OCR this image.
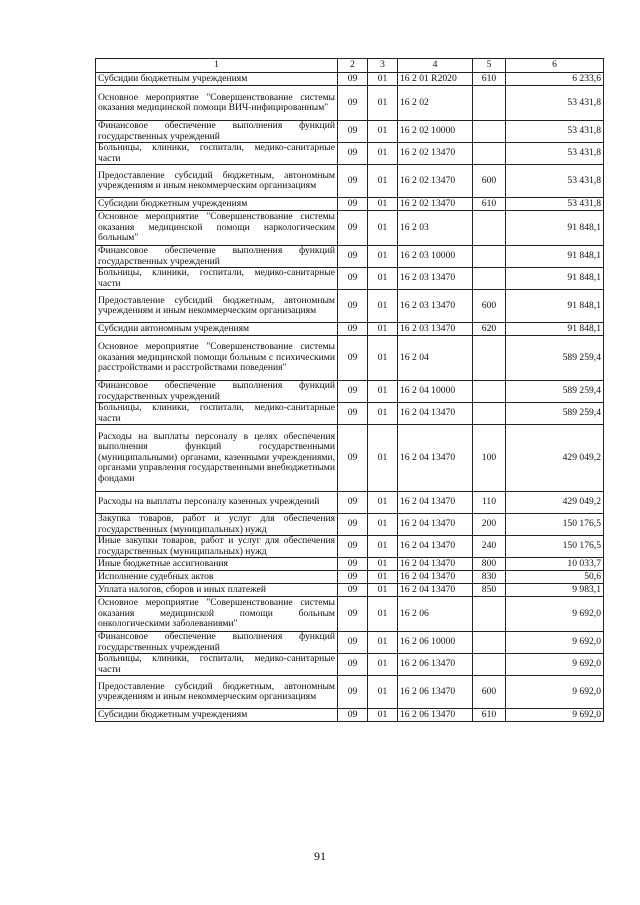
1	2	3	4	5	6
Субсидии бюджетным учреждениям	09	01	16 2 01 R2020	610	6 233,6
Основное мероприятие "Совершенствование системы оказания медицинской помощи ВИЧ-инфицированным"	09	01	16 2 02		53 431,8
Финансовое обеспечение выполнения функций государственных учреждений	09	01	16 2 02 10000		53 431,8
Больницы, клиники, госпитали, медико-санитарные части	09	01	16 2 02 13470		53 431,8
Предоставление субсидий бюджетным, автономным учреждениям и иным некоммерческим организациям	09	01	16 2 02 13470	600	53 431,8
Субсидии бюджетным учреждениям	09	01	16 2 02 13470	610	53 431,8
Основное мероприятие "Совершенствование системы оказания медицинской помощи наркологическим больным"	09	01	16 2 03		91 848,1
Финансовое обеспечение выполнения функций государственных учреждений	09	01	16 2 03 10000		91 848,1
Больницы, клиники, госпитали, медико-санитарные части	09	01	16 2 03 13470		91 848,1
Предоставление субсидий бюджетным, автономным учреждениям и иным некоммерческим организациям	09	01	16 2 03 13470	600	91 848,1
Субсидии автономным учреждениям	09	01	16 2 03 13470	620	91 848,1
Основное мероприятие "Совершенствование системы оказания медицинской помощи больным с психическими расстройствами и расстройствами поведения"	09	01	16 2 04		589 259,4
Финансовое обеспечение выполнения функций государственных учреждений	09	01	16 2 04 10000		589 259,4
Больницы, клиники, госпитали, медико-санитарные части	09	01	16 2 04 13470		589 259,4
Расходы на выплаты персоналу в целях обеспечения выполнения функций государственными (муниципальными) органами, казенными учреждениями, органами управления государственными внебюджетными фондами	09	01	16 2 04 13470	100	429 049,2
Расходы на выплаты персоналу казенных учреждений	09	01	16 2 04 13470	110	429 049,2
Закупка товаров, работ и услуг для обеспечения государственных (муниципальных) нужд	09	01	16 2 04 13470	200	150 176,5
Иные закупки товаров, работ и услуг для обеспечения государственных (муниципальных) нужд	09	01	16 2 04 13470	240	150 176,5
Иные бюджетные ассигнования	09	01	16 2 04 13470	800	10 033,7
Исполнение судебных актов	09	01	16 2 04 13470	830	50,6
Уплата налогов, сборов и иных платежей	09	01	16 2 04 13470	850	9 983,1
Основное мероприятие "Совершенствование системы оказания медицинской помощи больным онкологическими заболеваниями"	09	01	16 2 06		9 692,0
Финансовое обеспечение выполнения функций государственных учреждений	09	01	16 2 06 10000		9 692,0
Больницы, клиники, госпитали, медико-санитарные части	09	01	16 2 06 13470		9 692,0
Предоставление субсидий бюджетным, автономным учреждениям и иным некоммерческим организациям	09	01	16 2 06 13470	600	9 692,0
Субсидии бюджетным учреждениям	09	01	16 2 06 13470	610	9 692,0
91
